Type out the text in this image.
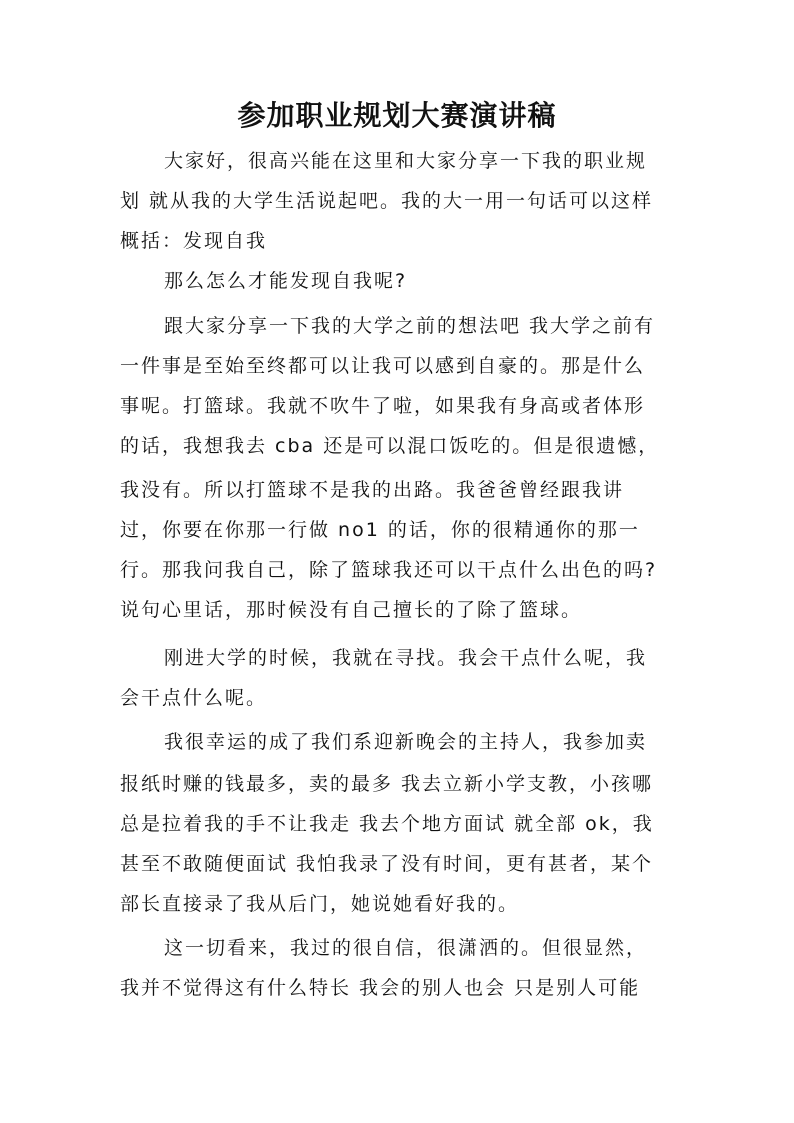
参加职业规划大赛演讲稿
大家好，很高兴能在这里和大家分享一下我的职业规
划 就从我的大学生活说起吧。我的大一用一句话可以这样
概括：发现自我
那么怎么才能发现自我呢?
跟大家分享一下我的大学之前的想法吧 我大学之前有
一件事是至始至终都可以让我可以感到自豪的。那是什么
事呢。打篮球。我就不吹牛了啦，如果我有身高或者体形
的话，我想我去 cba 还是可以混口饭吃的。但是很遗憾，
我没有。所以打篮球不是我的出路。我爸爸曾经跟我讲
过，你要在你那一行做 no1 的话，你的很精通你的那一
行。那我问我自己，除了篮球我还可以干点什么出色的吗?
说句心里话，那时候没有自己擅长的了除了篮球。
刚进大学的时候，我就在寻找。我会干点什么呢，我
会干点什么呢。
我很幸运的成了我们系迎新晚会的主持人，我参加卖
报纸时赚的钱最多，卖的最多 我去立新小学支教，小孩哪
总是拉着我的手不让我走 我去个地方面试 就全部 ok，我
甚至不敢随便面试 我怕我录了没有时间，更有甚者，某个
部长直接录了我从后门，她说她看好我的。
这一切看来，我过的很自信，很潇洒的。但很显然，
我并不觉得这有什么特长 我会的别人也会 只是别人可能
